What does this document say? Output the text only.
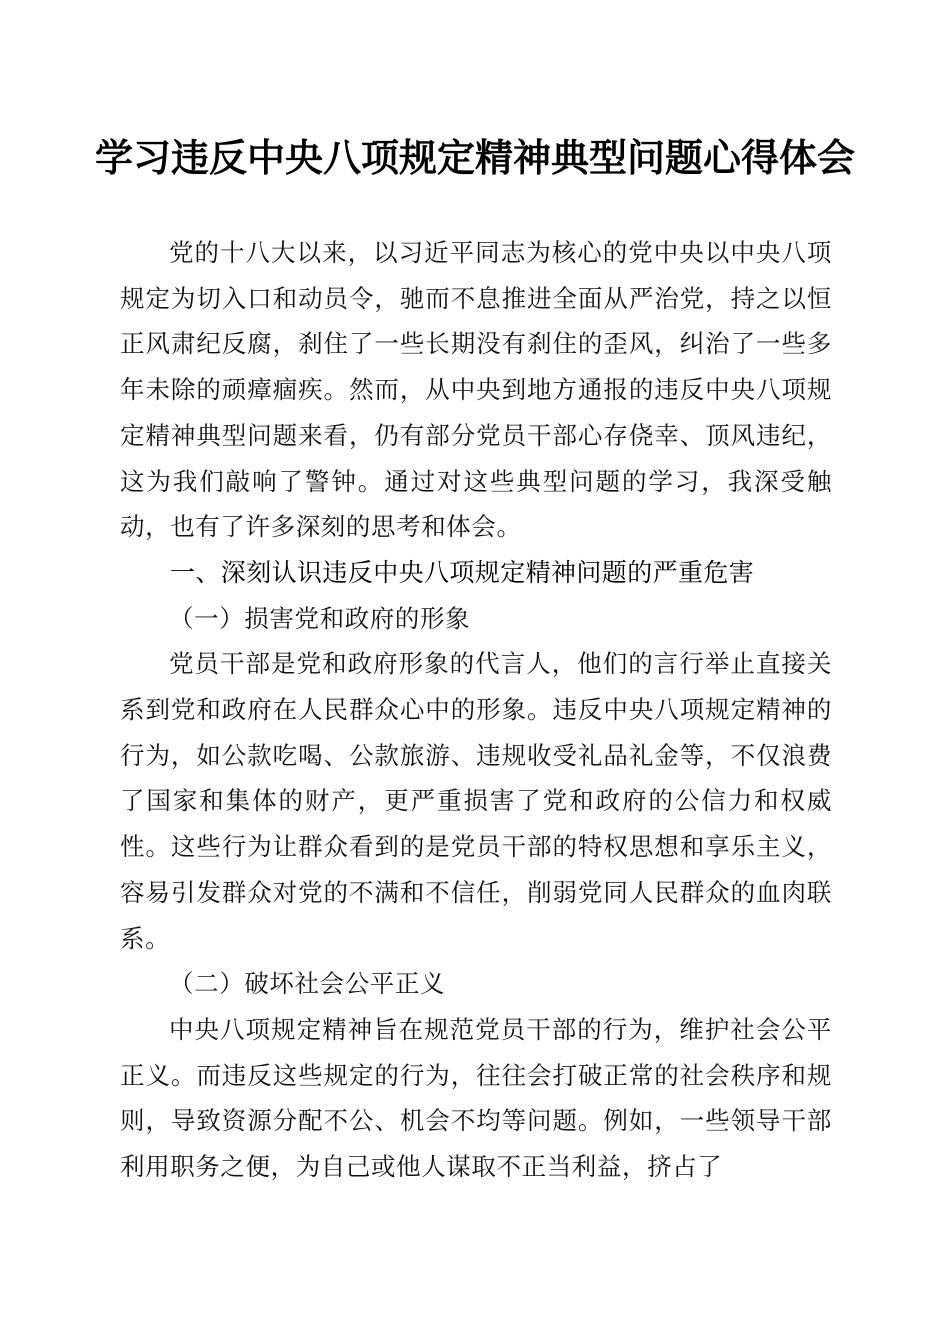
学习违反中央八项规定精神典型问题心得体会

党的十八大以来，以习近平同志为核心的党中央以中央八项规定为切入口和动员令，驰而不息推进全面从严治党，持之以恒正风肃纪反腐，刹住了一些长期没有刹住的歪风，纠治了一些多年未除的顽瘴痼疾。然而，从中央到地方通报的违反中央八项规定精神典型问题来看，仍有部分党员干部心存侥幸、顶风违纪，这为我们敲响了警钟。通过对这些典型问题的学习，我深受触动，也有了许多深刻的思考和体会。

一、深刻认识违反中央八项规定精神问题的严重危害

（一）损害党和政府的形象

党员干部是党和政府形象的代言人，他们的言行举止直接关系到党和政府在人民群众心中的形象。违反中央八项规定精神的行为，如公款吃喝、公款旅游、违规收受礼品礼金等，不仅浪费了国家和集体的财产，更严重损害了党和政府的公信力和权威性。这些行为让群众看到的是党员干部的特权思想和享乐主义，容易引发群众对党的不满和不信任，削弱党同人民群众的血肉联系。

（二）破坏社会公平正义

中央八项规定精神旨在规范党员干部的行为，维护社会公平正义。而违反这些规定的行为，往往会打破正常的社会秩序和规则，导致资源分配不公、机会不均等问题。例如，一些领导干部利用职务之便，为自己或他人谋取不正当利益，挤占了
